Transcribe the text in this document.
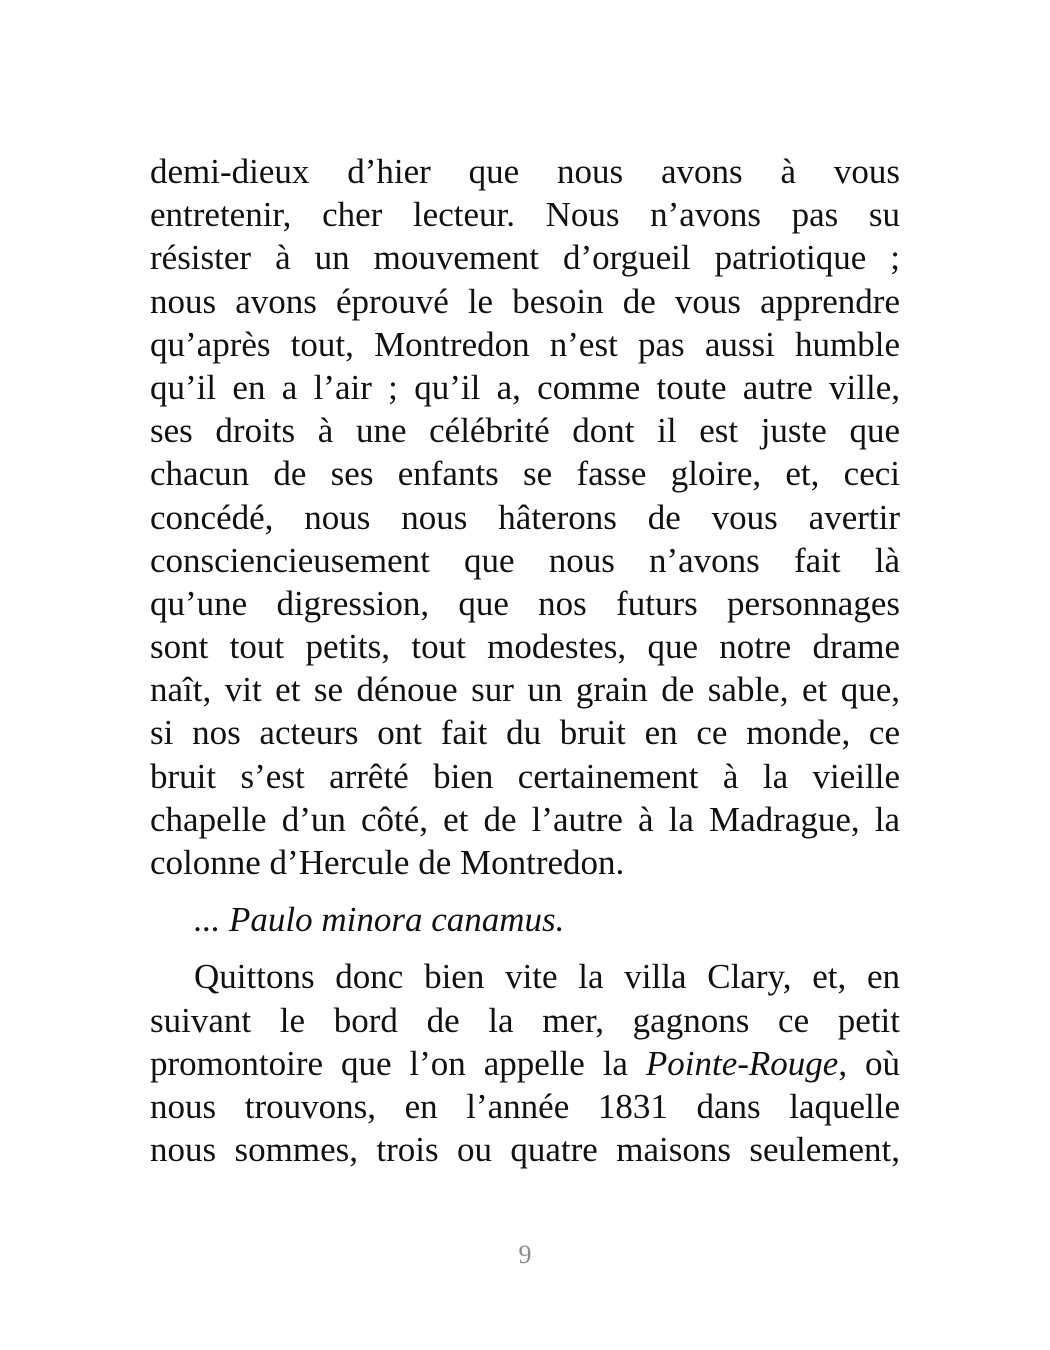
demi-dieux d’hier que nous avons à vous
entretenir, cher lecteur. Nous n’avons pas su
résister à un mouvement d’orgueil patriotique ;
nous avons éprouvé le besoin de vous apprendre
qu’après tout, Montredon n’est pas aussi humble
qu’il en a l’air ; qu’il a, comme toute autre ville,
ses droits à une célébrité dont il est juste que
chacun de ses enfants se fasse gloire, et, ceci
concédé, nous nous hâterons de vous avertir
consciencieusement que nous n’avons fait là
qu’une digression, que nos futurs personnages
sont tout petits, tout modestes, que notre drame
naît, vit et se dénoue sur un grain de sable, et que,
si nos acteurs ont fait du bruit en ce monde, ce
bruit s’est arrêté bien certainement à la vieille
chapelle d’un côté, et de l’autre à la Madrague, la
colonne d’Hercule de Montredon.
... Paulo minora canamus.
Quittons donc bien vite la villa Clary, et, en
suivant le bord de la mer, gagnons ce petit
promontoire que l’on appelle la Pointe-Rouge, où
nous trouvons, en l’année 1831 dans laquelle
nous sommes, trois ou quatre maisons seulement,
9
